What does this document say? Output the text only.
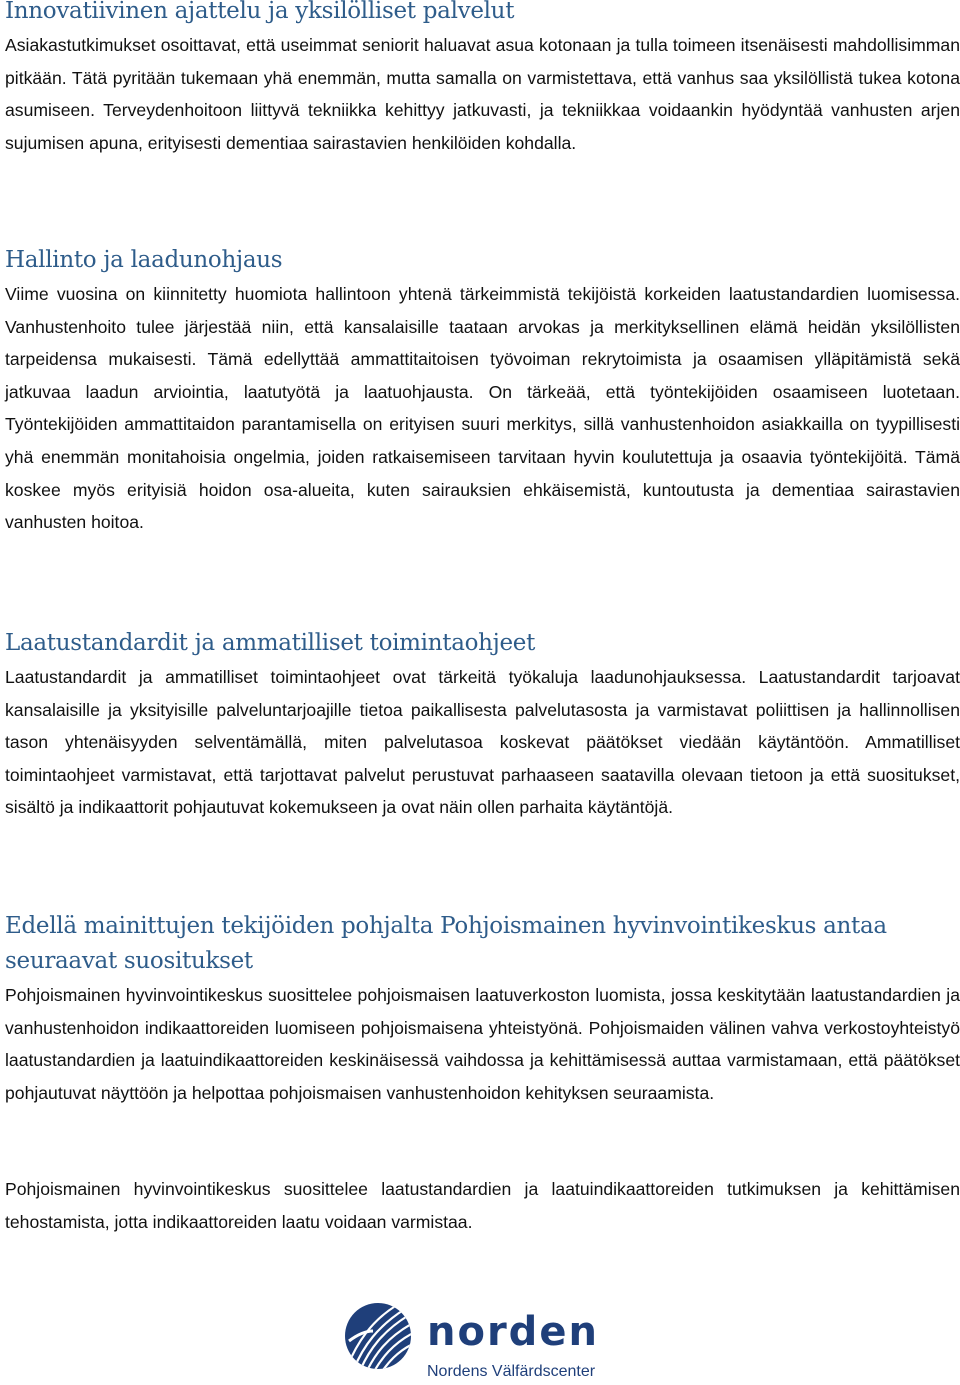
Innovatiivinen ajattelu ja yksilölliset palvelut

Asiakastutkimukset osoittavat, että useimmat seniorit haluavat asua kotonaan ja tulla toimeen itsenäisesti mahdollisimman pitkään. Tätä pyritään tukemaan yhä enemmän, mutta samalla on varmistettava, että vanhus saa yksilöllistä tukea kotona asumiseen. Terveydenhoitoon liittyvä tekniikka kehittyy jatkuvasti, ja tekniikkaa voidaankin hyödyntää vanhusten arjen sujumisen apuna, erityisesti dementiaa sairastavien henkilöiden kohdalla.

Hallinto ja laadunohjaus

Viime vuosina on kiinnitetty huomiota hallintoon yhtenä tärkeimmistä tekijöistä korkeiden laatustandardien luomisessa. Vanhustenhoito tulee järjestää niin, että kansalaisille taataan arvokas ja merkityksellinen elämä heidän yksilöllisten tarpeidensa mukaisesti. Tämä edellyttää ammattitaitoisen työvoiman rekrytoimista ja osaamisen ylläpitämistä sekä jatkuvaa laadun arviointia, laatutyötä ja laatuohjausta. On tärkeää, että työntekijöiden osaamiseen luotetaan. Työntekijöiden ammattitaidon parantamisella on erityisen suuri merkitys, sillä vanhustenhoidon asiakkailla on tyypillisesti yhä enemmän monitahoisia ongelmia, joiden ratkaisemiseen tarvitaan hyvin koulutettuja ja osaavia työntekijöitä. Tämä koskee myös erityisiä hoidon osa-alueita, kuten sairauksien ehkäisemistä, kuntoutusta ja dementiaa sairastavien vanhusten hoitoa.

Laatustandardit ja ammatilliset toimintaohjeet

Laatustandardit ja ammatilliset toimintaohjeet ovat tärkeitä työkaluja laadunohjauksessa. Laatustandardit tarjoavat kansalaisille ja yksityisille palveluntarjoajille tietoa paikallisesta palvelutasosta ja varmistavat poliittisen ja hallinnollisen tason yhtenäisyyden selventämällä, miten palvelutasoa koskevat päätökset viedään käytäntöön. Ammatilliset toimintaohjeet varmistavat, että tarjottavat palvelut perustuvat parhaaseen saatavilla olevaan tietoon ja että suositukset, sisältö ja indikaattorit pohjautuvat kokemukseen ja ovat näin ollen parhaita käytäntöjä.

Edellä mainittujen tekijöiden pohjalta Pohjoismainen hyvinvointikeskus antaa seuraavat suositukset

Pohjoismainen hyvinvointikeskus suosittelee pohjoismaisen laatuverkoston luomista, jossa keskitytään laatustandardien ja vanhustenhoidon indikaattoreiden luomiseen pohjoismaisena yhteistyönä. Pohjoismaiden välinen vahva verkostoyhteistyö laatustandardien ja laatuindikaattoreiden keskinäisessä vaihdossa ja kehittämisessä auttaa varmistamaan, että päätökset pohjautuvat näyttöön ja helpottaa pohjoismaisen vanhustenhoidon kehityksen seuraamista.

Pohjoismainen hyvinvointikeskus suosittelee laatustandardien ja laatuindikaattoreiden tutkimuksen ja kehittämisen tehostamista, jotta indikaattoreiden laatu voidaan varmistaa.

norden
Nordens Välfärdscenter
